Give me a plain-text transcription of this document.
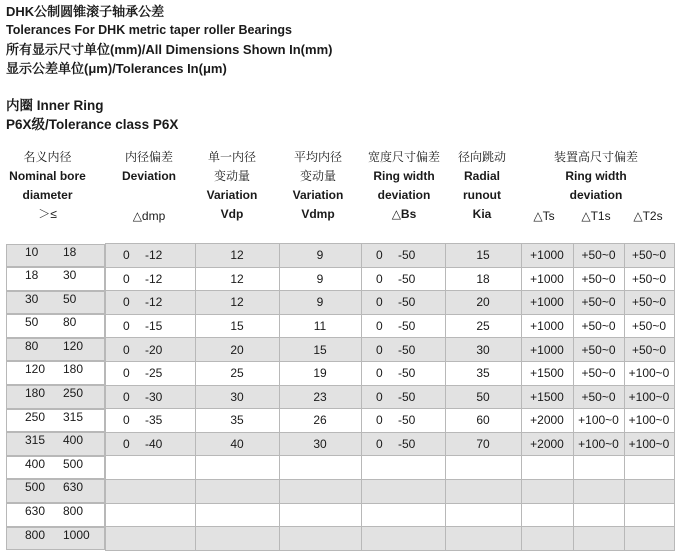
DHK公制圆锥滚子轴承公差
Tolerances For DHK metric taper roller Bearings
所有显示尺寸单位(mm)/All Dimensions Shown In(mm)
显示公差单位(μm)/Tolerances In(μm)
内圈 Inner Ring
P6X级/Tolerance class P6X
名义内径
Nominal bore
diameter
＞≤
内径偏差
Deviation
△dmp
单一内径
变动量
Variation
Vdp
平均内径
变动量
Variation
Vdmp
宽度尺寸偏差
Ring width
deviation
△Bs
径向跳动
Radial
runout
Kia
装置高尺寸偏差
Ring width
deviation
△Ts	△T1s	△T2s
10	18	0 -12	12	9	0 -50	15	+1000	+50~0	+50~0

18	30	0 -12	12	9	0 -50	18	+1000	+50~0	+50~0

30	50	0 -12	12	9	0 -50	20	+1000	+50~0	+50~0

50	80	0 -15	15	11	0 -50	25	+1000	+50~0	+50~0

80	120	0 -20	20	15	0 -50	30	+1000	+50~0	+50~0

120	180	0 -25	25	19	0 -50	35	+1500	+50~0	+100~0

180	250	0 -30	30	23	0 -50	50	+1500	+50~0	+100~0

250	315	0 -35	35	26	0 -50	60	+2000	+100~0	+100~0

315	400	0 -40	40	30	0 -50	70	+2000	+100~0	+100~0

400	500

500	630

630	800

800	1000
